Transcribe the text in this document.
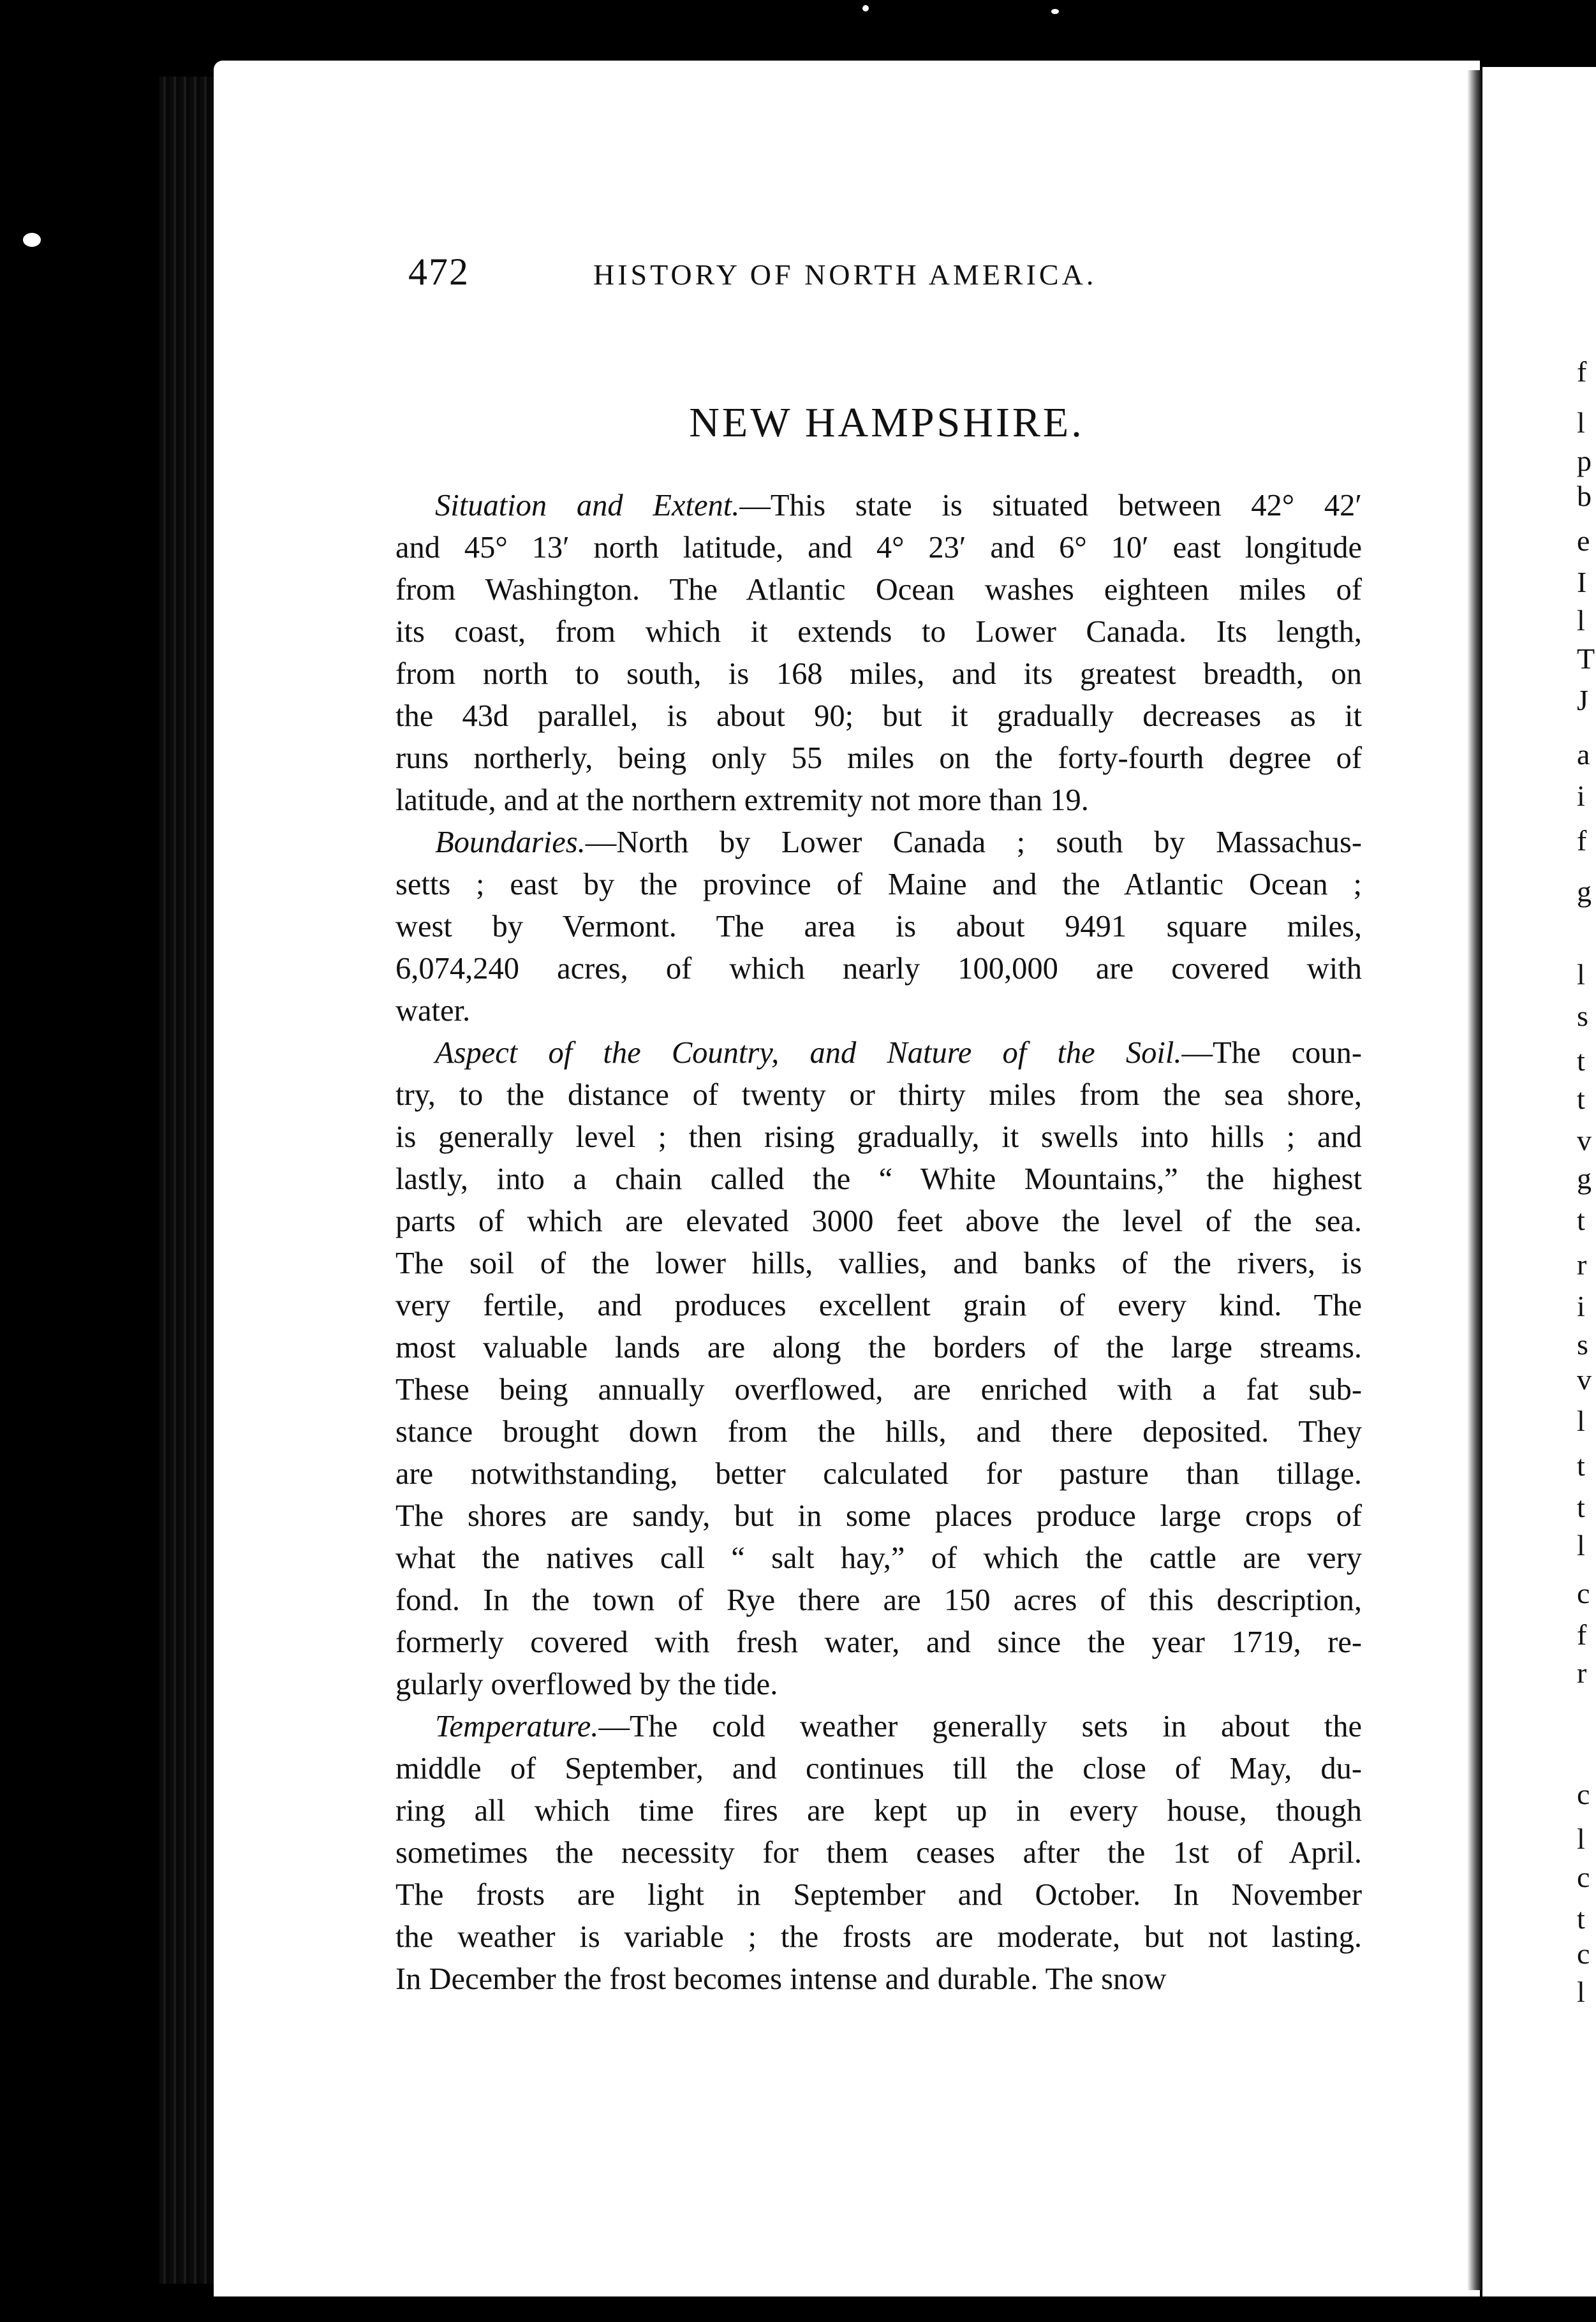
f
l
p
b
e
I
l
T
J
a
i
f
g
l
s
t
t
v
g
t
r
i
s
v
l
t
t
l
c
f
r
c
l
c
t
c
l
472	HISTORY OF NORTH AMERICA.
NEW HAMPSHIRE.
Situation and Extent.—This state is situated between 42° 42′
and 45° 13′ north latitude, and 4° 23′ and 6° 10′ east longitude
from Washington. The Atlantic Ocean washes eighteen miles of
its coast, from which it extends to Lower Canada. Its length,
from north to south, is 168 miles, and its greatest breadth, on
the 43d parallel, is about 90; but it gradually decreases as it
runs northerly, being only 55 miles on the forty-fourth degree of
latitude, and at the northern extremity not more than 19.
Boundaries.—North by Lower Canada ; south by Massachus-
setts ; east by the province of Maine and the Atlantic Ocean ;
west by Vermont. The area is about 9491 square miles,
6,074,240 acres, of which nearly 100,000 are covered with
water.
Aspect of the Country, and Nature of the Soil.—The coun-
try, to the distance of twenty or thirty miles from the sea shore,
is generally level ; then rising gradually, it swells into hills ; and
lastly, into a chain called the “ White Mountains,” the highest
parts of which are elevated 3000 feet above the level of the sea.
The soil of the lower hills, vallies, and banks of the rivers, is
very fertile, and produces excellent grain of every kind. The
most valuable lands are along the borders of the large streams.
These being annually overflowed, are enriched with a fat sub-
stance brought down from the hills, and there deposited. They
are notwithstanding, better calculated for pasture than tillage.
The shores are sandy, but in some places produce large crops of
what the natives call “ salt hay,” of which the cattle are very
fond. In the town of Rye there are 150 acres of this description,
formerly covered with fresh water, and since the year 1719, re-
gularly overflowed by the tide.
Temperature.—The cold weather generally sets in about the
middle of September, and continues till the close of May, du-
ring all which time fires are kept up in every house, though
sometimes the necessity for them ceases after the 1st of April.
The frosts are light in September and October. In November
the weather is variable ; the frosts are moderate, but not lasting.
In December the frost becomes intense and durable. The snow
